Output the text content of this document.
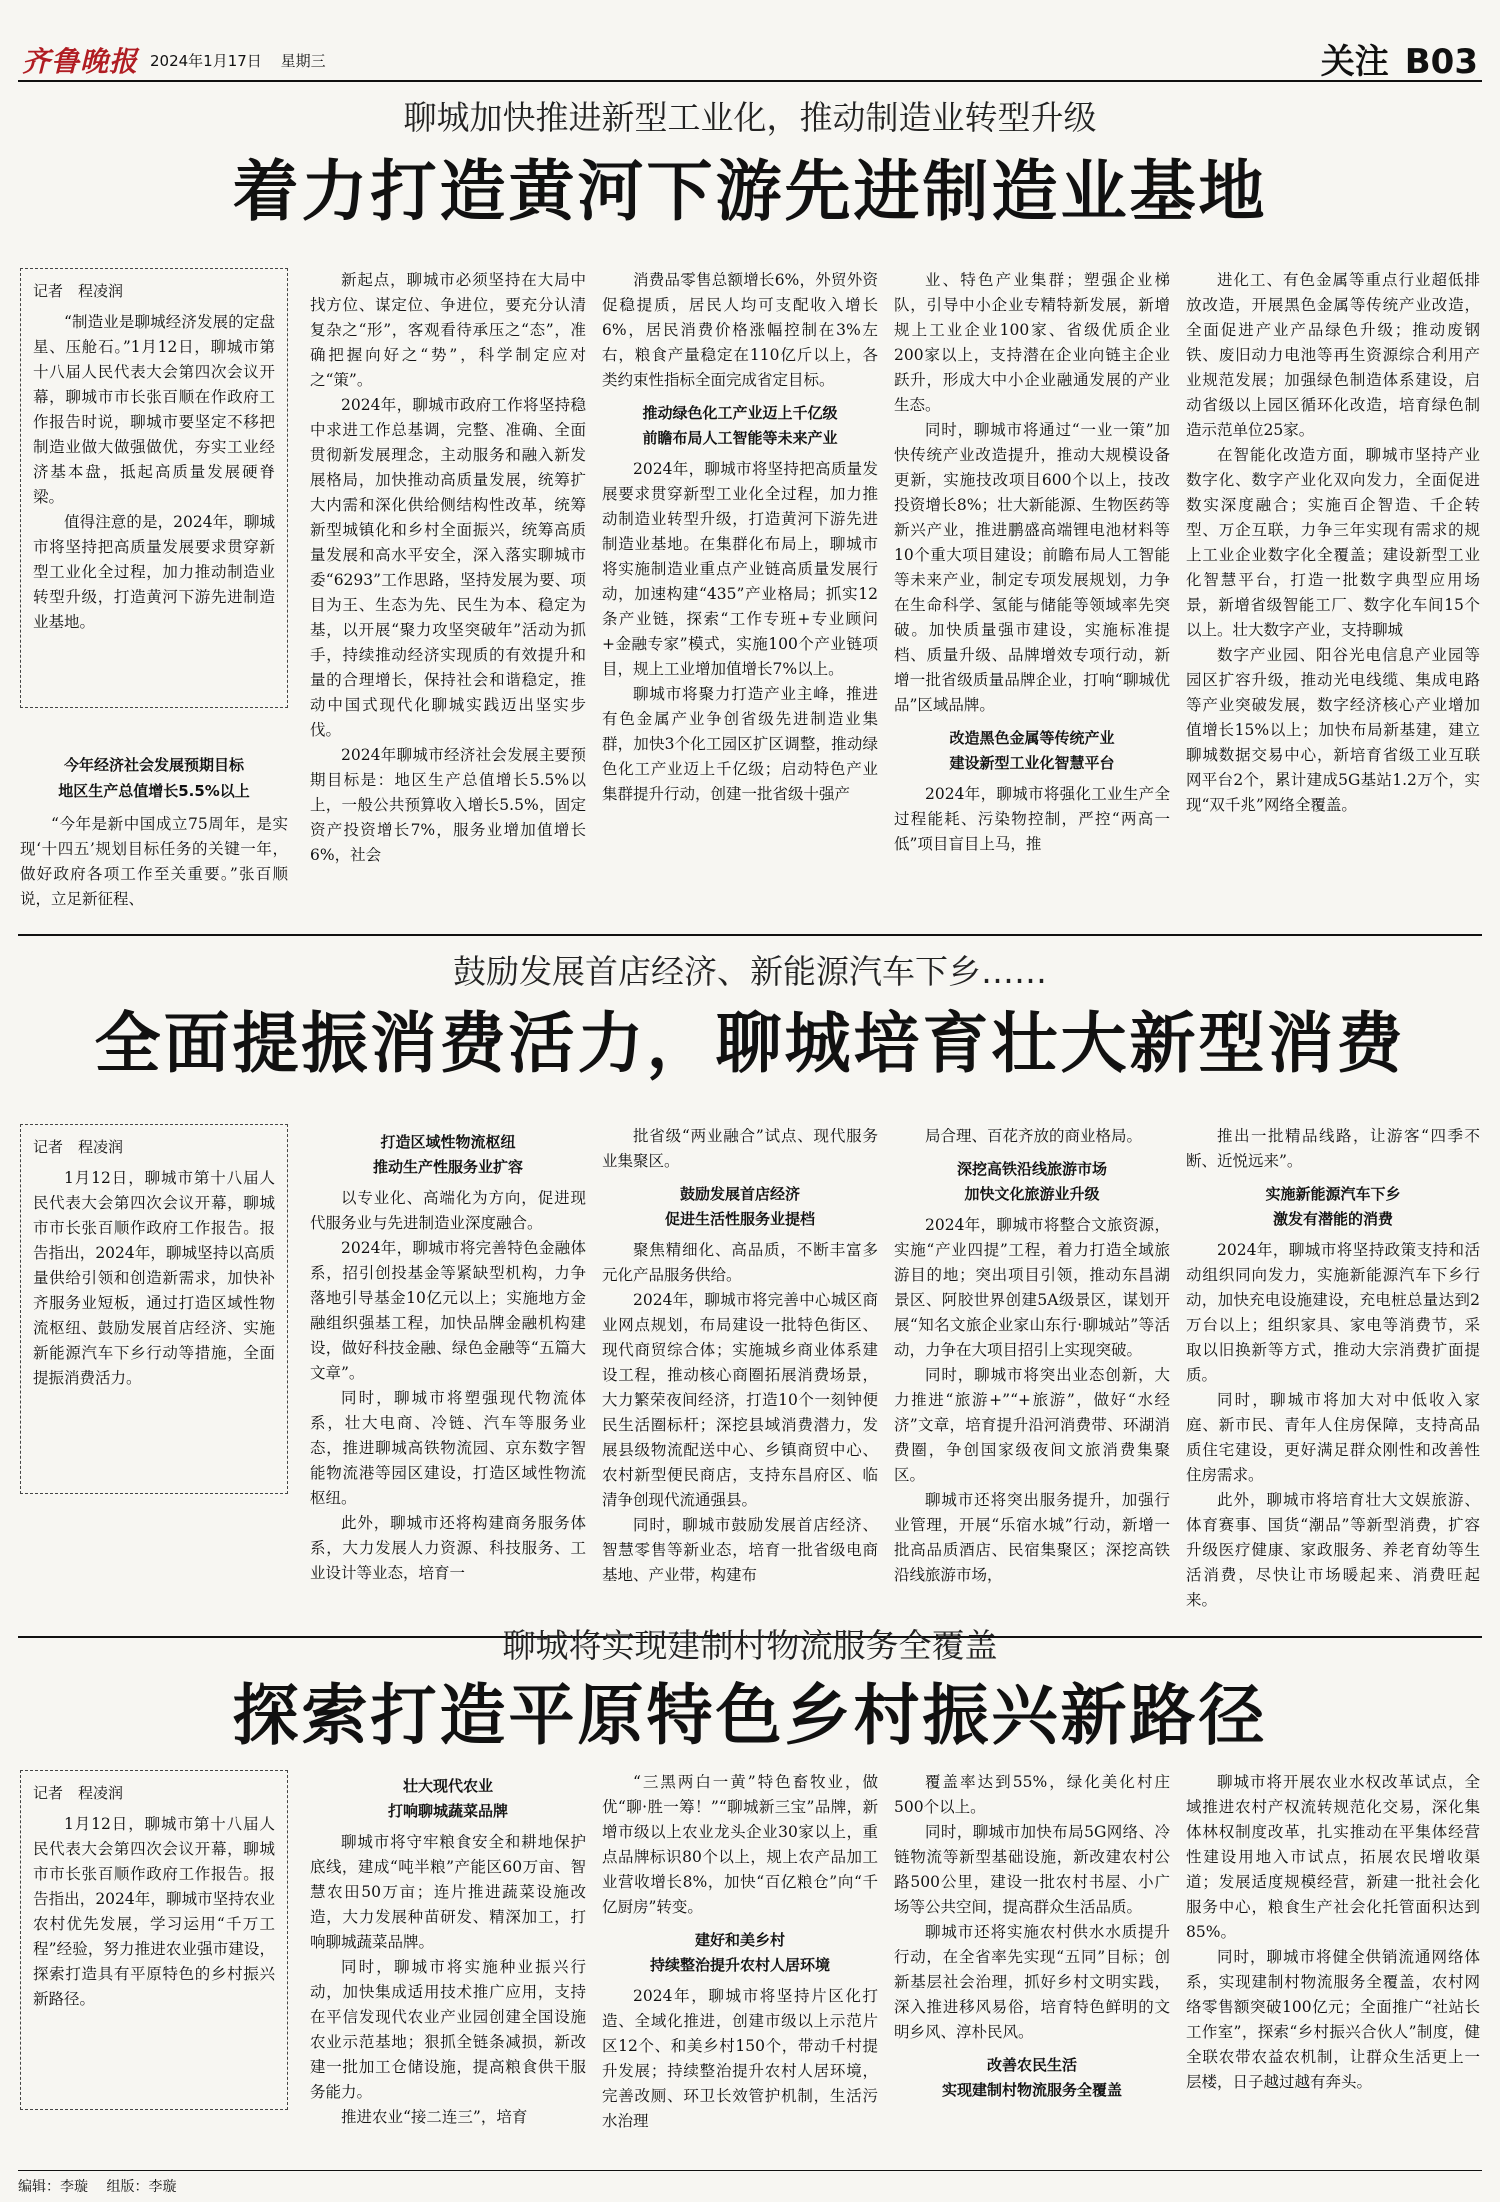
齐鲁晚报 2024年1月17日 星期三	关注 B03
聊城加快推进新型工业化，推动制造业转型升级
着力打造黄河下游先进制造业基地
记者　程凌润

“制造业是聊城经济发展的定盘星、压舱石。”1月12日，聊城市第十八届人民代表大会第四次会议开幕，聊城市市长张百顺在作政府工作报告时说，聊城市要坚定不移把制造业做大做强做优，夯实工业经济基本盘，抵起高质量发展硬脊梁。

值得注意的是，2024年，聊城市将坚持把高质量发展要求贯穿新型工业化全过程，加力推动制造业转型升级，打造黄河下游先进制造业基地。

今年经济社会发展预期目标
地区生产总值增长5.5%以上

“今年是新中国成立75周年，是实现‘十四五’规划目标任务的关键一年，做好政府各项工作至关重要。”张百顺说，立足新征程、

新起点，聊城市必须坚持在大局中找方位、谋定位、争进位，要充分认清复杂之“形”，客观看待承压之“态”，准确把握向好之“势”，科学制定应对之“策”。

2024年，聊城市政府工作将坚持稳中求进工作总基调，完整、准确、全面贯彻新发展理念，主动服务和融入新发展格局，加快推动高质量发展，统筹扩大内需和深化供给侧结构性改革，统筹新型城镇化和乡村全面振兴，统筹高质量发展和高水平安全，深入落实聊城市委“6293”工作思路，坚持发展为要、项目为王、生态为先、民生为本、稳定为基，以开展“聚力攻坚突破年”活动为抓手，持续推动经济实现质的有效提升和量的合理增长，保持社会和谐稳定，推动中国式现代化聊城实践迈出坚实步伐。

2024年聊城市经济社会发展主要预期目标是：地区生产总值增长5.5%以上，一般公共预算收入增长5.5%，固定资产投资增长7%，服务业增加值增长6%，社会

消费品零售总额增长6%，外贸外资促稳提质，居民人均可支配收入增长6%，居民消费价格涨幅控制在3%左右，粮食产量稳定在110亿斤以上，各类约束性指标全面完成省定目标。

推动绿色化工产业迈上千亿级
前瞻布局人工智能等未来产业

2024年，聊城市将坚持把高质量发展要求贯穿新型工业化全过程，加力推动制造业转型升级，打造黄河下游先进制造业基地。在集群化布局上，聊城市将实施制造业重点产业链高质量发展行动，加速构建“435”产业格局；抓实12条产业链，探索“工作专班+专业顾问+金融专家”模式，实施100个产业链项目，规上工业增加值增长7%以上。

聊城市将聚力打造产业主峰，推进有色金属产业争创省级先进制造业集群，加快3个化工园区扩区调整，推动绿色化工产业迈上千亿级；启动特色产业集群提升行动，创建一批省级十强产

业、特色产业集群；塑强企业梯队，引导中小企业专精特新发展，新增规上工业企业100家、省级优质企业200家以上，支持潜在企业向链主企业跃升，形成大中小企业融通发展的产业生态。

同时，聊城市将通过“一业一策”加快传统产业改造提升，推动大规模设备更新，实施技改项目600个以上，技改投资增长8%；壮大新能源、生物医药等新兴产业，推进鹏盛高端锂电池材料等10个重大项目建设；前瞻布局人工智能等未来产业，制定专项发展规划，力争在生命科学、氢能与储能等领域率先突破。加快质量强市建设，实施标准提档、质量升级、品牌增效专项行动，新增一批省级质量品牌企业，打响“聊城优品”区域品牌。

改造黑色金属等传统产业
建设新型工业化智慧平台

2024年，聊城市将强化工业生产全过程能耗、污染物控制，严控“两高一低”项目盲目上马，推

进化工、有色金属等重点行业超低排放改造，开展黑色金属等传统产业改造，全面促进产业产品绿色升级；推动废钢铁、废旧动力电池等再生资源综合利用产业规范发展；加强绿色制造体系建设，启动省级以上园区循环化改造，培育绿色制造示范单位25家。

在智能化改造方面，聊城市坚持产业数字化、数字产业化双向发力，全面促进数实深度融合；实施百企智造、千企转型、万企互联，力争三年实现有需求的规上工业企业数字化全覆盖；建设新型工业化智慧平台，打造一批数字典型应用场景，新增省级智能工厂、数字化车间15个以上。壮大数字产业，支持聊城

数字产业园、阳谷光电信息产业园等园区扩容升级，推动光电线缆、集成电路等产业突破发展，数字经济核心产业增加值增长15%以上；加快布局新基建，建立聊城数据交易中心，新培育省级工业互联网平台2个，累计建成5G基站1.2万个，实现“双千兆”网络全覆盖。

鼓励发展首店经济、新能源汽车下乡……
全面提振消费活力，聊城培育壮大新型消费
记者　程凌润

1月12日，聊城市第十八届人民代表大会第四次会议开幕，聊城市市长张百顺作政府工作报告。报告指出，2024年，聊城坚持以高质量供给引领和创造新需求，加快补齐服务业短板，通过打造区域性物流枢纽、鼓励发展首店经济、实施新能源汽车下乡行动等措施，全面提振消费活力。

打造区域性物流枢纽
推动生产性服务业扩容

以专业化、高端化为方向，促进现代服务业与先进制造业深度融合。

2024年，聊城市将完善特色金融体系，招引创投基金等紧缺型机构，力争落地引导基金10亿元以上；实施地方金融组织强基工程，加快品牌金融机构建设，做好科技金融、绿色金融等“五篇大文章”。

同时，聊城市将塑强现代物流体系，壮大电商、冷链、汽车等服务业态，推进聊城高铁物流园、京东数字智能物流港等园区建设，打造区域性物流枢纽。

此外，聊城市还将构建商务服务体系，大力发展人力资源、科技服务、工业设计等业态，培育一

批省级“两业融合”试点、现代服务业集聚区。

鼓励发展首店经济
促进生活性服务业提档

聚焦精细化、高品质，不断丰富多元化产品服务供给。

2024年，聊城市将完善中心城区商业网点规划，布局建设一批特色街区、现代商贸综合体；实施城乡商业体系建设工程，推动核心商圈拓展消费场景，大力繁荣夜间经济，打造10个一刻钟便民生活圈标杆；深挖县域消费潜力，发展县级物流配送中心、乡镇商贸中心、农村新型便民商店，支持东昌府区、临清争创现代流通强县。

同时，聊城市鼓励发展首店经济、智慧零售等新业态，培育一批省级电商基地、产业带，构建布

局合理、百花齐放的商业格局。

深挖高铁沿线旅游市场
加快文化旅游业升级

2024年，聊城市将整合文旅资源，实施“产业四提”工程，着力打造全域旅游目的地；突出项目引领，推动东昌湖景区、阿胶世界创建5A级景区，谋划开展“知名文旅企业家山东行·聊城站”等活动，力争在大项目招引上实现突破。

同时，聊城市将突出业态创新，大力推进“旅游+”“+旅游”，做好“水经济”文章，培育提升沿河消费带、环湖消费圈，争创国家级夜间文旅消费集聚区。

聊城市还将突出服务提升，加强行业管理，开展“乐宿水城”行动，新增一批高品质酒店、民宿集聚区；深挖高铁沿线旅游市场，

推出一批精品线路，让游客“四季不断、近悦远来”。

实施新能源汽车下乡
激发有潜能的消费

2024年，聊城市将坚持政策支持和活动组织同向发力，实施新能源汽车下乡行动，加快充电设施建设，充电桩总量达到2万台以上；组织家具、家电等消费节，采取以旧换新等方式，推动大宗消费扩面提质。

同时，聊城市将加大对中低收入家庭、新市民、青年人住房保障，支持高品质住宅建设，更好满足群众刚性和改善性住房需求。

此外，聊城市将培育壮大文娱旅游、体育赛事、国货“潮品”等新型消费，扩容升级医疗健康、家政服务、养老育幼等生活消费，尽快让市场暖起来、消费旺起来。

聊城将实现建制村物流服务全覆盖
探索打造平原特色乡村振兴新路径
记者　程凌润

1月12日，聊城市第十八届人民代表大会第四次会议开幕，聊城市市长张百顺作政府工作报告。报告指出，2024年，聊城市坚持农业农村优先发展，学习运用“千万工程”经验，努力推进农业强市建设，探索打造具有平原特色的乡村振兴新路径。

壮大现代农业
打响聊城蔬菜品牌

聊城市将守牢粮食安全和耕地保护底线，建成“吨半粮”产能区60万亩、智慧农田50万亩；连片推进蔬菜设施改造，大力发展种苗研发、精深加工，打响聊城蔬菜品牌。

同时，聊城市将实施种业振兴行动，加快集成适用技术推广应用，支持在平信发现代农业产业园创建全国设施农业示范基地；狠抓全链条减损，新改建一批加工仓储设施，提高粮食供干服务能力。

推进农业“接二连三”，培育

“三黑两白一黄”特色畜牧业，做优“聊·胜一筹！”“聊城新三宝”品牌，新增市级以上农业龙头企业30家以上，重点品牌标识80个以上，规上农产品加工业营收增长8%，加快“百亿粮仓”向“千亿厨房”转变。

建好和美乡村
持续整治提升农村人居环境

2024年，聊城市将坚持片区化打造、全域化推进，创建市级以上示范片区12个、和美乡村150个，带动千村提升发展；持续整治提升农村人居环境，完善改厕、环卫长效管护机制，生活污水治理

覆盖率达到55%，绿化美化村庄500个以上。

同时，聊城市加快布局5G网络、冷链物流等新型基础设施，新改建农村公路500公里，建设一批农村书屋、小广场等公共空间，提高群众生活品质。

聊城市还将实施农村供水水质提升行动，在全省率先实现“五同”目标；创新基层社会治理，抓好乡村文明实践，深入推进移风易俗，培育特色鲜明的文明乡风、淳朴民风。

改善农民生活
实现建制村物流服务全覆盖

聊城市将开展农业水权改革试点，全域推进农村产权流转规范化交易，深化集体林权制度改革，扎实推动在平集体经营性建设用地入市试点，拓展农民增收渠道；发展适度规模经营，新建一批社会化服务中心，粮食生产社会化托管面积达到85%。

同时，聊城市将健全供销流通网络体系，实现建制村物流服务全覆盖，农村网络零售额突破100亿元；全面推广“社站长工作室”，探索“乡村振兴合伙人”制度，健全联农带农益农机制，让群众生活更上一层楼，日子越过越有奔头。

编辑：李璇 组版：李璇
